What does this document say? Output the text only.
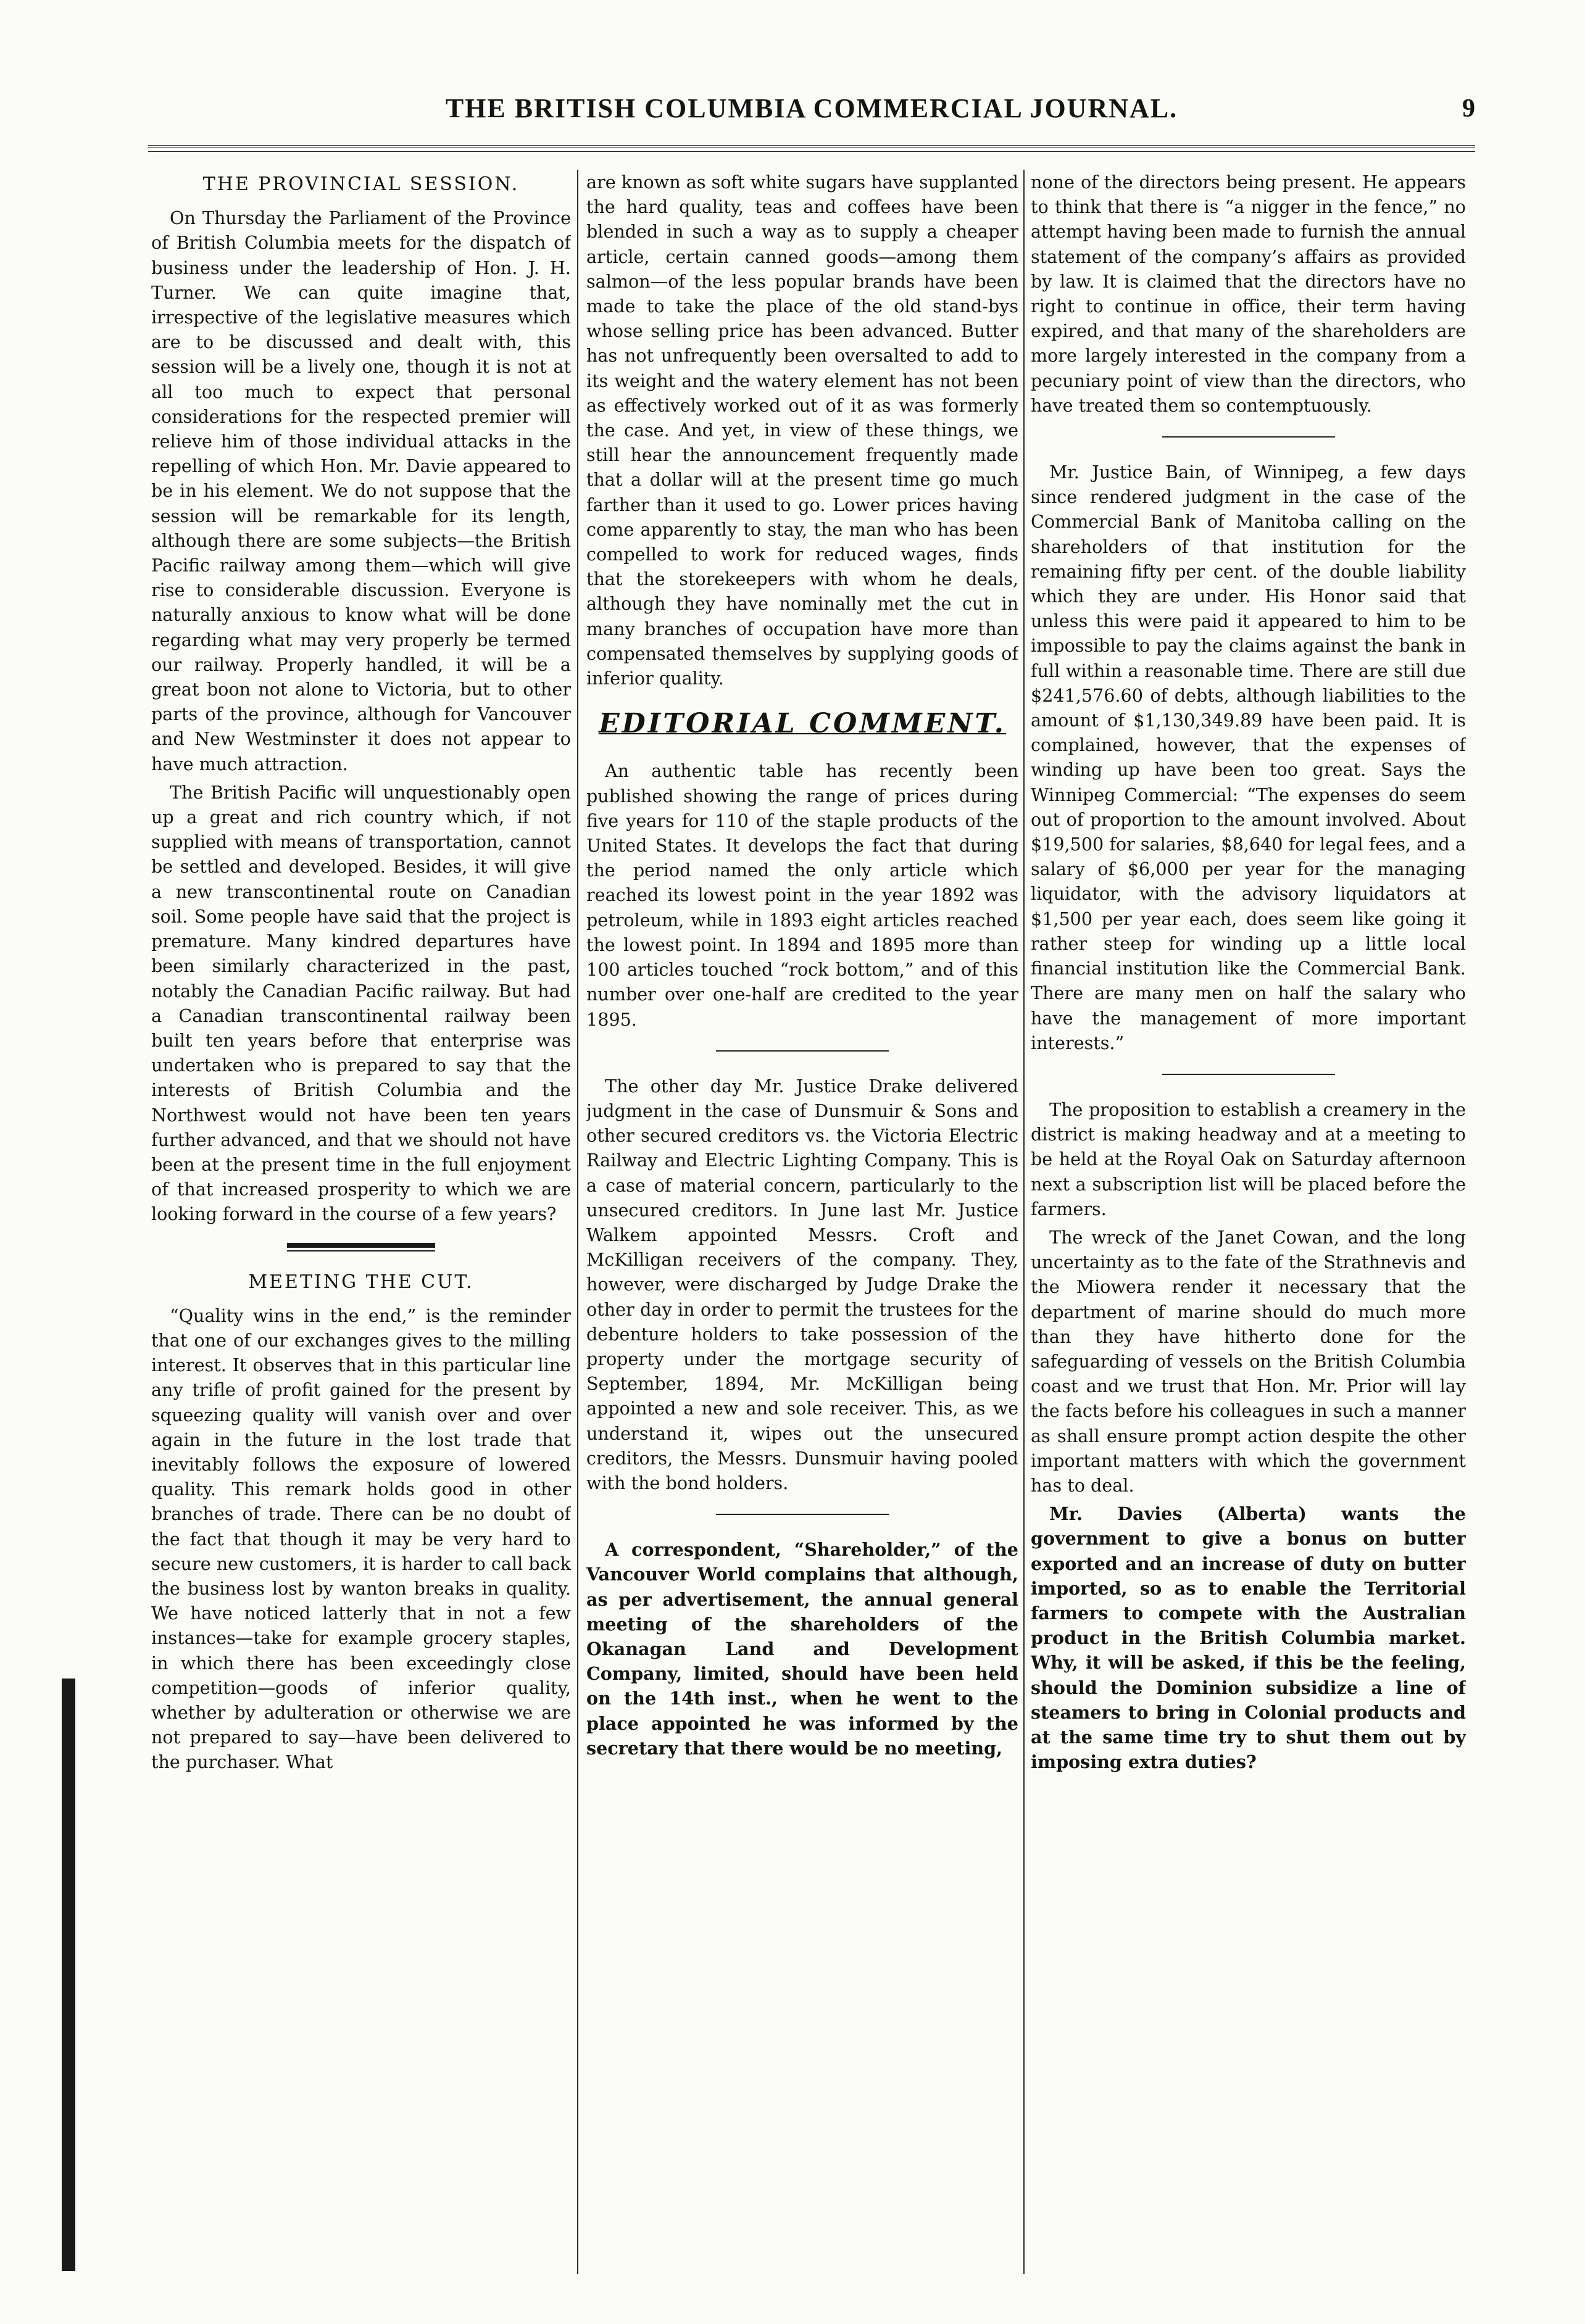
THE BRITISH COLUMBIA COMMERCIAL JOURNAL.	9
THE PROVINCIAL SESSION.

On Thursday the Parliament of the Province of British Columbia meets for the dispatch of business under the leadership of Hon. J. H. Turner. We can quite imagine that, irrespective of the legislative measures which are to be discussed and dealt with, this session will be a lively one, though it is not at all too much to expect that personal considerations for the respected premier will relieve him of those individual attacks in the repelling of which Hon. Mr. Davie appeared to be in his element. We do not suppose that the session will be remarkable for its length, although there are some subjects—the British Pacific railway among them—which will give rise to considerable discussion. Everyone is naturally anxious to know what will be done regarding what may very properly be termed our railway. Properly handled, it will be a great boon not alone to Victoria, but to other parts of the province, although for Vancouver and New Westminster it does not appear to have much attraction.

The British Pacific will unquestionably open up a great and rich country which, if not supplied with means of transportation, cannot be settled and developed. Besides, it will give a new transcontinental route on Canadian soil. Some people have said that the project is premature. Many kindred departures have been similarly characterized in the past, notably the Canadian Pacific railway. But had a Canadian transcontinental railway been built ten years before that enterprise was undertaken who is prepared to say that the interests of British Columbia and the Northwest would not have been ten years further advanced, and that we should not have been at the present time in the full enjoyment of that increased prosperity to which we are looking forward in the course of a few years?

MEETING THE CUT.

“Quality wins in the end,” is the reminder that one of our exchanges gives to the milling interest. It observes that in this particular line any trifle of profit gained for the present by squeezing quality will vanish over and over again in the future in the lost trade that inevitably follows the exposure of lowered quality. This remark holds good in other branches of trade. There can be no doubt of the fact that though it may be very hard to secure new customers, it is harder to call back the business lost by wanton breaks in quality. We have noticed latterly that in not a few instances—take for example grocery staples, in which there has been exceedingly close competition—goods of inferior quality, whether by adulteration or otherwise we are not prepared to say—have been delivered to the purchaser. What

are known as soft white sugars have supplanted the hard quality, teas and coffees have been blended in such a way as to supply a cheaper article, certain canned goods—among them salmon—of the less popular brands have been made to take the place of the old stand-bys whose selling price has been advanced. Butter has not unfrequently been oversalted to add to its weight and the watery element has not been as effectively worked out of it as was formerly the case. And yet, in view of these things, we still hear the announcement frequently made that a dollar will at the present time go much farther than it used to go. Lower prices having come apparently to stay, the man who has been compelled to work for reduced wages, finds that the storekeepers with whom he deals, although they have nominally met the cut in many branches of occupation have more than compensated themselves by supplying goods of inferior quality.

EDITORIAL COMMENT.

An authentic table has recently been published showing the range of prices during five years for 110 of the staple products of the United States. It develops the fact that during the period named the only article which reached its lowest point in the year 1892 was petroleum, while in 1893 eight articles reached the lowest point. In 1894 and 1895 more than 100 articles touched “rock bottom,” and of this number over one-half are credited to the year 1895.

The other day Mr. Justice Drake delivered judgment in the case of Dunsmuir & Sons and other secured creditors vs. the Victoria Electric Railway and Electric Lighting Company. This is a case of material concern, particularly to the unsecured creditors. In June last Mr. Justice Walkem appointed Messrs. Croft and McKilligan receivers of the company. They, however, were discharged by Judge Drake the other day in order to permit the trustees for the debenture holders to take possession of the property under the mortgage security of September, 1894, Mr. McKilligan being appointed a new and sole receiver. This, as we understand it, wipes out the unsecured creditors, the Messrs. Dunsmuir having pooled with the bond holders.

A correspondent, “Shareholder,” of the Vancouver World complains that although, as per advertisement, the annual general meeting of the shareholders of the Okanagan Land and Development Company, limited, should have been held on the 14th inst., when he went to the place appointed he was informed by the secretary that there would be no meeting,

none of the directors being present. He appears to think that there is “a nigger in the fence,” no attempt having been made to furnish the annual statement of the company’s affairs as provided by law. It is claimed that the directors have no right to continue in office, their term having expired, and that many of the shareholders are more largely interested in the company from a pecuniary point of view than the directors, who have treated them so contemptuously.

Mr. Justice Bain, of Winnipeg, a few days since rendered judgment in the case of the Commercial Bank of Manitoba calling on the shareholders of that institution for the remaining fifty per cent. of the double liability which they are under. His Honor said that unless this were paid it appeared to him to be impossible to pay the claims against the bank in full within a reasonable time. There are still due $241,576.60 of debts, although liabilities to the amount of $1,130,349.89 have been paid. It is complained, however, that the expenses of winding up have been too great. Says the Winnipeg Commercial: “The expenses do seem out of proportion to the amount involved. About $19,500 for salaries, $8,640 for legal fees, and a salary of $6,000 per year for the managing liquidator, with the advisory liquidators at $1,500 per year each, does seem like going it rather steep for winding up a little local financial institution like the Commercial Bank. There are many men on half the salary who have the management of more important interests.”

The proposition to establish a creamery in the district is making headway and at a meeting to be held at the Royal Oak on Saturday afternoon next a subscription list will be placed before the farmers.

The wreck of the Janet Cowan, and the long uncertainty as to the fate of the Strathnevis and the Miowera render it necessary that the department of marine should do much more than they have hitherto done for the safeguarding of vessels on the British Columbia coast and we trust that Hon. Mr. Prior will lay the facts before his colleagues in such a manner as shall ensure prompt action despite the other important matters with which the government has to deal.

Mr. Davies (Alberta) wants the government to give a bonus on butter exported and an increase of duty on butter imported, so as to enable the Territorial farmers to compete with the Australian product in the British Columbia market. Why, it will be asked, if this be the feeling, should the Dominion subsidize a line of steamers to bring in Colonial products and at the same time try to shut them out by imposing extra duties?
